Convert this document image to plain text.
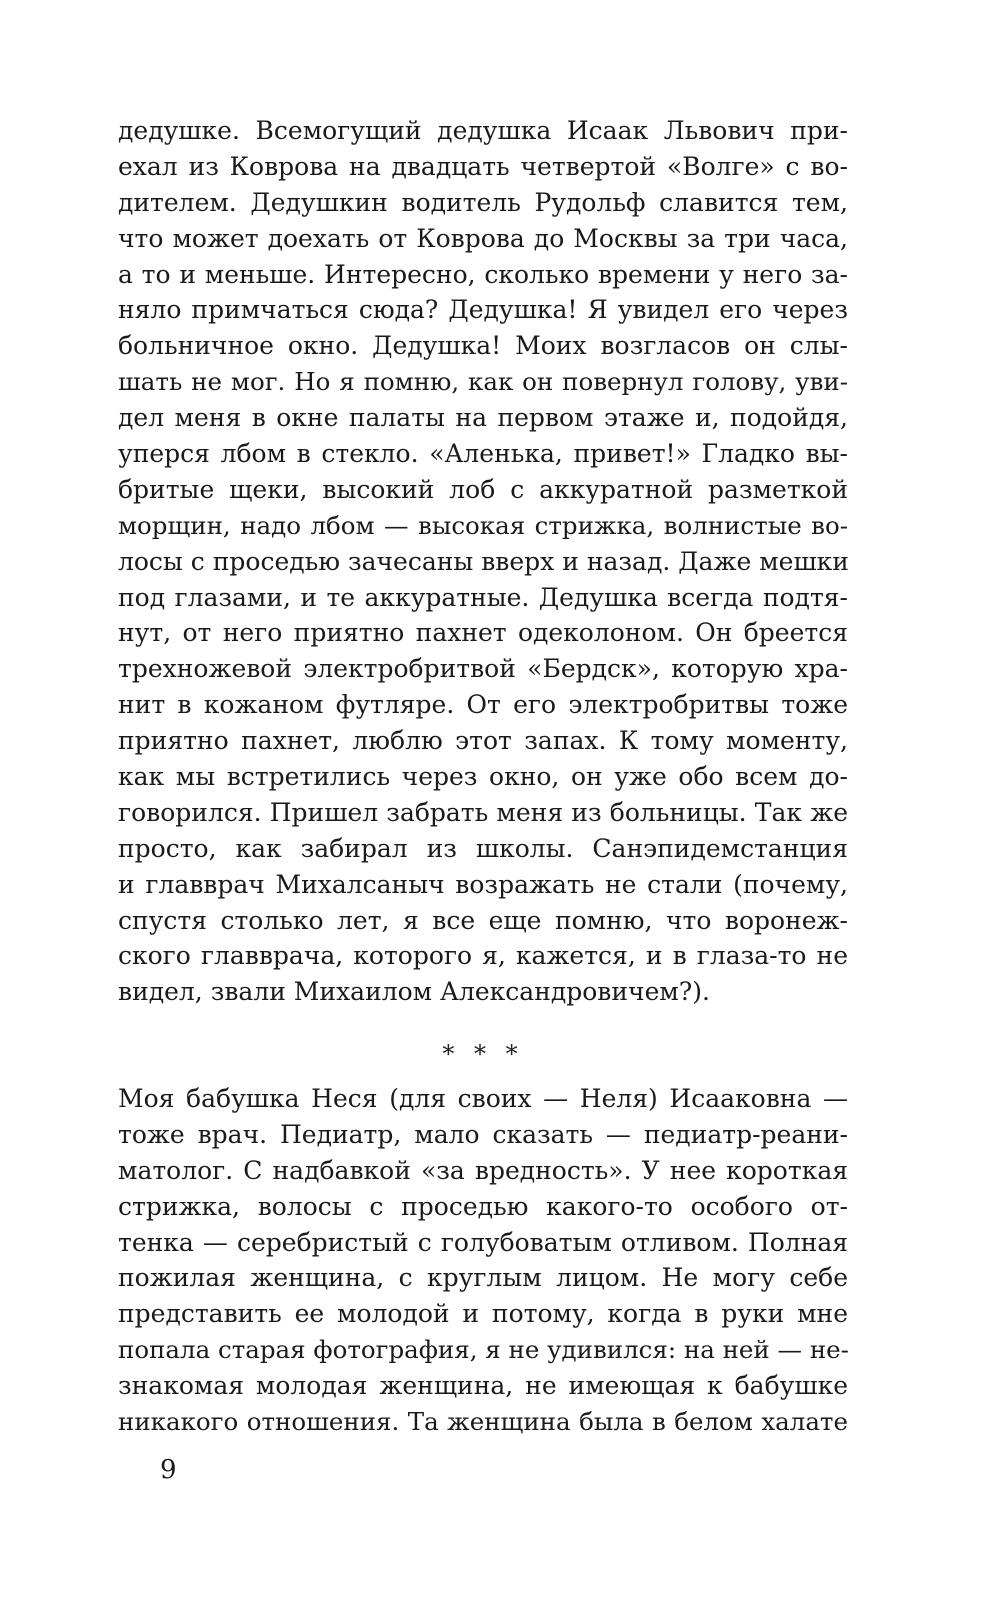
дедушке. Всемогущий дедушка Исаак Львович при-
ехал из Коврова на двадцать четвертой «Волге» с во-
дителем. Дедушкин водитель Рудольф славится тем,
что может доехать от Коврова до Москвы за три часа,
а то и меньше. Интересно, сколько времени у него за-
няло примчаться сюда? Дедушка! Я увидел его через
больничное окно. Дедушка! Моих возгласов он слы-
шать не мог. Но я помню, как он повернул голову, уви-
дел меня в окне палаты на первом этаже и, подойдя,
уперся лбом в стекло. «Аленька, привет!» Гладко вы-
бритые щеки, высокий лоб с аккуратной разметкой
морщин, надо лбом — высокая стрижка, волнистые во-
лосы с проседью зачесаны вверх и назад. Даже мешки
под глазами, и те аккуратные. Дедушка всегда подтя-
нут, от него приятно пахнет одеколоном. Он бреется
трехножевой электробритвой «Бердск», которую хра-
нит в кожаном футляре. От его электробритвы тоже
приятно пахнет, люблю этот запах. К тому моменту,
как мы встретились через окно, он уже обо всем до-
говорился. Пришел забрать меня из больницы. Так же
просто, как забирал из школы. Санэпидемстанция
и главврач Михалсаныч возражать не стали (почему,
спустя столько лет, я все еще помню, что воронеж-
ского главврача, которого я, кажется, и в глаза-то не
видел, звали Михаилом Александровичем?).
* * *
Моя бабушка Неся (для своих — Неля) Исааковна —
тоже врач. Педиатр, мало сказать — педиатр-реани-
матолог. С надбавкой «за вредность». У нее короткая
стрижка, волосы с проседью какого-то особого от-
тенка — серебристый с голубоватым отливом. Полная
пожилая женщина, с круглым лицом. Не могу себе
представить ее молодой и потому, когда в руки мне
попала старая фотография, я не удивился: на ней — не-
знакомая молодая женщина, не имеющая к бабушке
никакого отношения. Та женщина была в белом халате
9
